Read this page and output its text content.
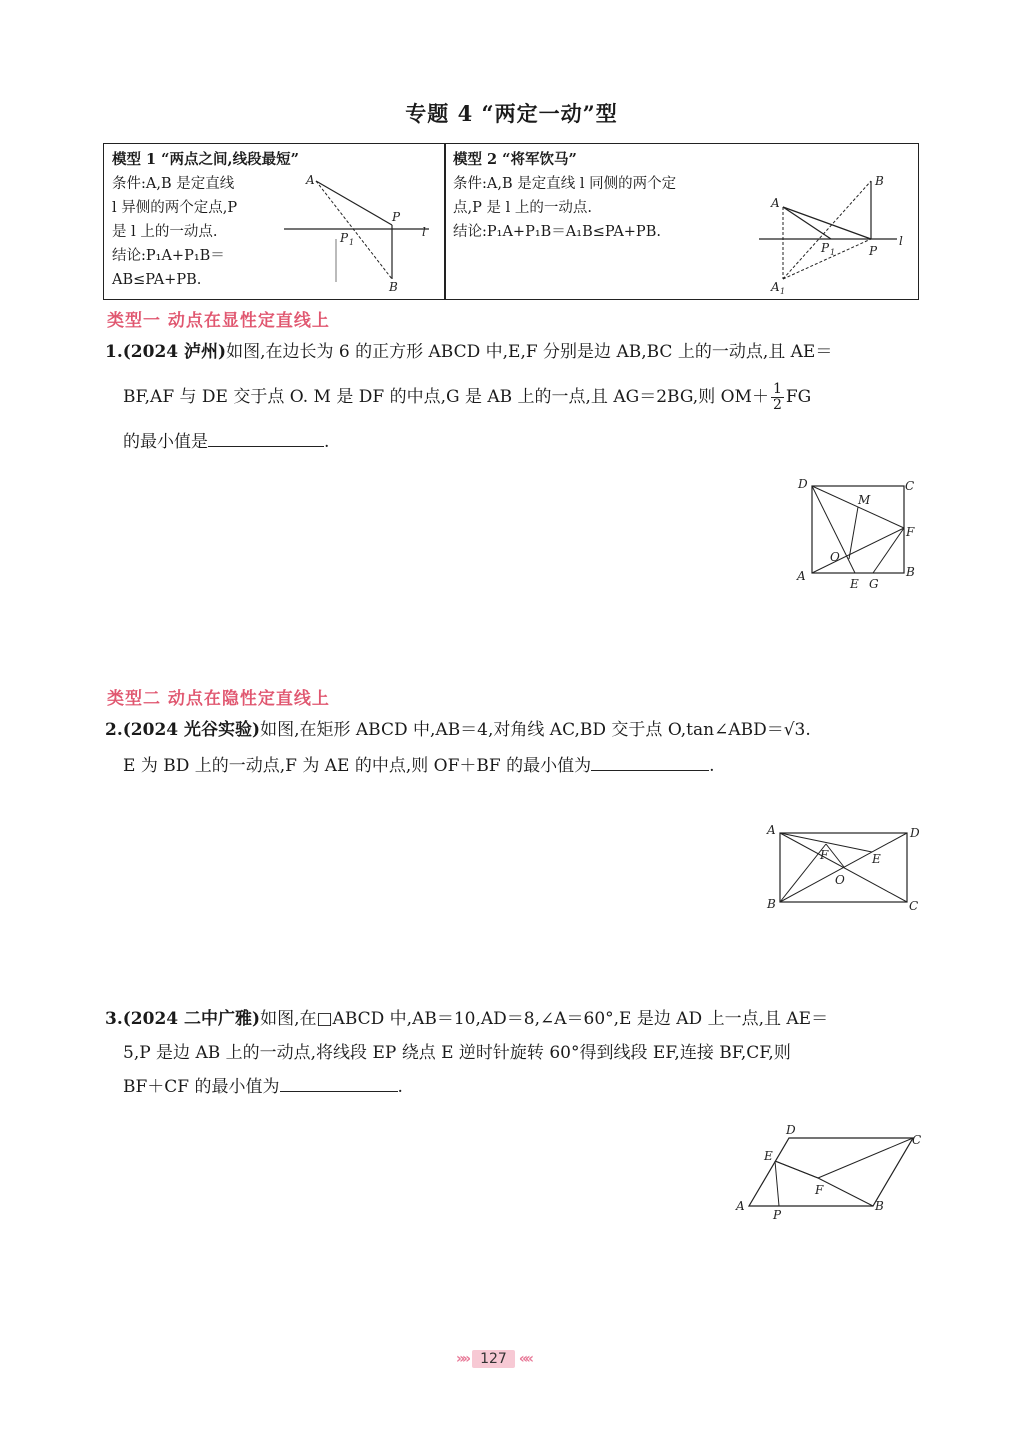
专题 4 “两定一动”型
模型 1 “两点之间,线段最短”
条件:A,B 是定直线
l 异侧的两个定点,P
是 l 上的一动点.
结论:P₁A+P₁B＝
AB≤PA+PB.
A
P
P 1
l
B
模型 2 “将军饮马”
条件:A,B 是定直线 l 同侧的两个定
点,P 是 l 上的一动点.
结论:P₁A+P₁B＝A₁B≤PA+PB.
B
A
P 1	P
l
A 1
类型一 动点在显性定直线上
1.(2024 泸州)如图,在边长为 6 的正方形 ABCD 中,E,F 分别是边 AB,BC 上的一动点,且 AE＝
BF,AF 与 DE 交于点 O. M 是 DF 的中点,G 是 AB 上的一点,且 AG＝2BG,则 $OM+ \frac{1}{2}$ FG
的最小值是	.
D	C
M
F
O
A
E G
B
类型二 动点在隐性定直线上
2.(2024 光谷实验)如图,在矩形 ABCD 中,AB＝4,对角线 AC,BD 交于点 O,tan∠ABD＝√3.
E 为 BD 上的一动点,F 为 AE 的中点,则 OF＋BF 的最小值为	.
A	D
F	E
O
B	C
3.(2024 二中广雅)如图,在□ABCD 中,AB＝10,AD＝8,∠A＝60°,E 是边 AD 上一点,且 AE＝
5,P 是边 AB 上的一动点,将线段 EP 绕点 E 逆时针旋转 60°得到线段 EF,连接 BF,CF,则
BF＋CF 的最小值为	.
D
C
E
F
A
P
B
»» 127 ««
